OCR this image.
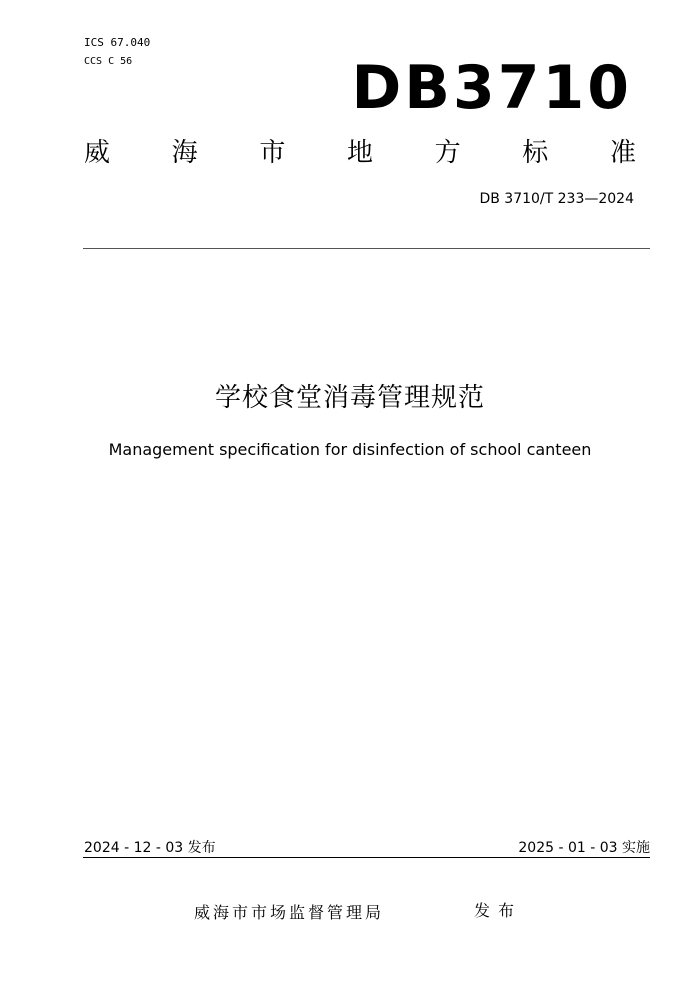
ICS 67.040
CCS C 56	DB3710
威 海 市 地 方 标 准
DB 3710/T 233—2024
学校食堂消毒管理规范
Management specification for disinfection of school canteen
2024 - 12 - 03 发布	2025 - 01 - 03 实施
威海市市场监督管理局	发布
